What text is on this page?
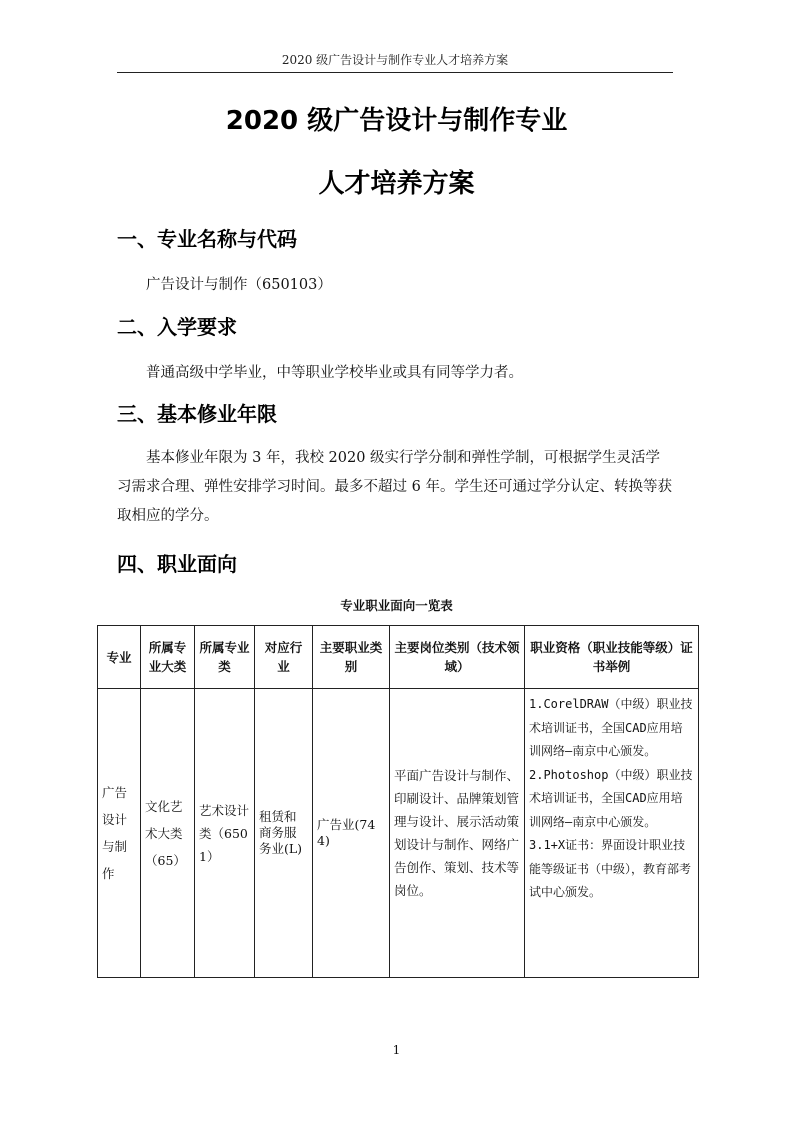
2020 级广告设计与制作专业人才培养方案
2020 级广告设计与制作专业
人才培养方案
一、专业名称与代码
广告设计与制作（650103）
二、入学要求
普通高级中学毕业，中等职业学校毕业或具有同等学力者。
三、基本修业年限
基本修业年限为 3 年，我校 2020 级实行学分制和弹性学制，可根据学生灵活学习需求合理、弹性安排学习时间。最多不超过 6 年。学生还可通过学分认定、转换等获取相应的学分。
四、职业面向
专业职业面向一览表
专业	所属专业大类	所属专业类	对应行业	主要职业类别	主要岗位类别（技术领域）	职业资格（职业技能等级）证书举例
广告设计与制作	文化艺术大类（65）	艺术设计类（6501）	租赁和商务服务业(L)	广告业(744)	平面广告设计与制作、印刷设计、品牌策划管理与设计、展示活动策划设计与制作、网络广告创作、策划、技术等岗位。	1.CorelDRAW（中级）职业技术培训证书，全国CAD应用培训网络—南京中心颁发。
2.Photoshop（中级）职业技术培训证书，全国CAD应用培训网络—南京中心颁发。
3.1+X证书：界面设计职业技能等级证书（中级），教育部考试中心颁发。
1
